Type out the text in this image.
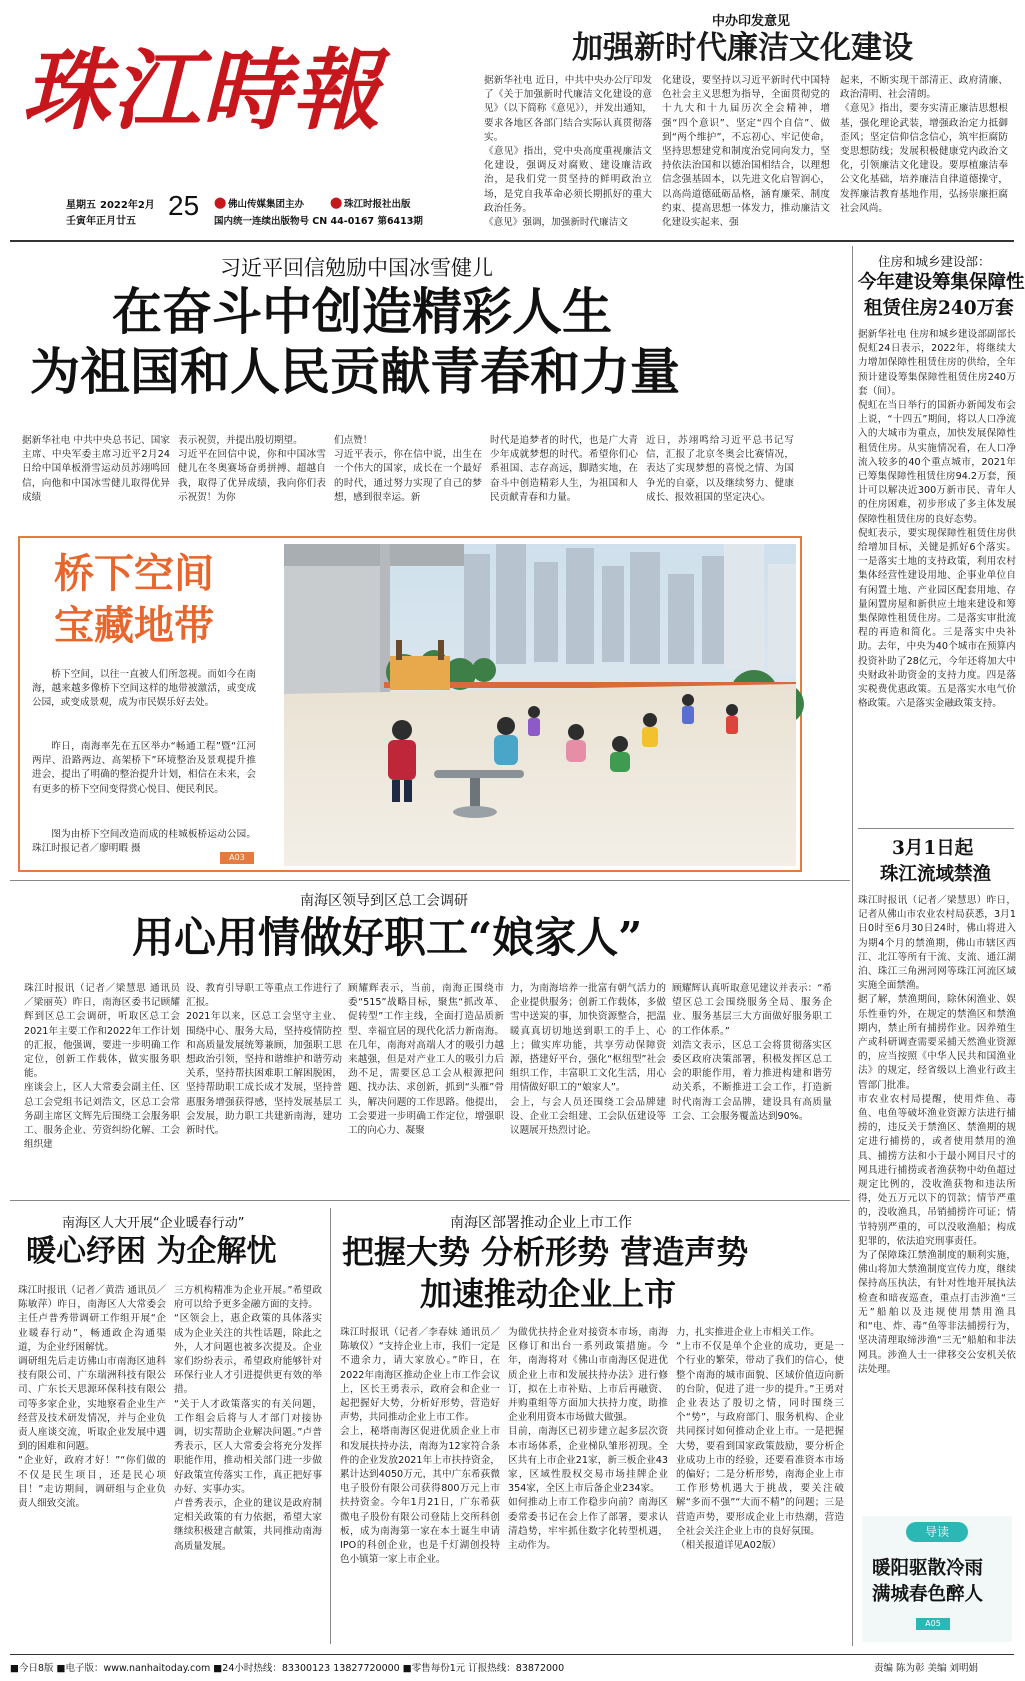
珠江時報
星期五 2022年2月
壬寅年正月廿五
25 ⬤ 佛山传媒集团主办 ⬤ 珠江时报社出版
国内统一连续出版物号 CN 44-0167 第6413期
中办印发意见
加强新时代廉洁文化建设
据新华社电 近日，中共中央办公厅印发了《关于加强新时代廉洁文化建设的意见》（以下简称《意见》），并发出通知，要求各地区各部门结合实际认真贯彻落实。
《意见》指出，党中央高度重视廉洁文化建设，强调反对腐败、建设廉洁政治，是我们党一贯坚持的鲜明政治立场，是党自我革命必须长期抓好的重大政治任务。
《意见》强调，加强新时代廉洁文
化建设，要坚持以习近平新时代中国特色社会主义思想为指导，全面贯彻党的十九大和十九届历次全会精神，增强“四个意识”、坚定“四个自信”、做到“两个维护”，不忘初心、牢记使命，坚持思想建党和制度治党同向发力，坚持依法治国和以德治国相结合，以理想信念强基固本，以先进文化启智润心，以高尚道德砥砺品格，涵育廉荣、制度约束、提高思想一体发力，推动廉洁文化建设实起来、强
起来，不断实现干部清正、政府清廉、政治清明、社会清朗。
《意见》指出，要夯实清正廉洁思想根基，强化理论武装，增强政治定力抵御歪风；坚定信仰信念信心，筑牢拒腐防变思想防线；发展积极健康党内政治文化，引领廉洁文化建设。要厚植廉洁奉公文化基础，培养廉洁自律道德操守，发挥廉洁教育基地作用，弘扬崇廉拒腐社会风尚。
习近平回信勉励中国冰雪健儿
在奋斗中创造精彩人生
为祖国和人民贡献青春和力量
据新华社电 中共中央总书记、国家主席、中央军委主席习近平2月24日给中国单板滑雪运动员苏翊鸣回信，向他和中国冰雪健儿取得优异成绩
表示祝贺，并提出殷切期望。
习近平在回信中说，你和中国冰雪健儿在冬奥赛场奋勇拼搏、超越自我，取得了优异成绩，我向你们表示祝贺！为你
们点赞！
习近平表示，你在信中说，出生在一个伟大的国家，成长在一个最好的时代，通过努力实现了自己的梦想，感到很幸运。新
时代是追梦者的时代，也是广大青少年成就梦想的时代。希望你们心系祖国、志存高远，脚踏实地，在奋斗中创造精彩人生，为祖国和人民贡献青春和力量。
近日，苏翊鸣给习近平总书记写信，汇报了北京冬奥会比赛情况，表达了实现梦想的喜悦之情、为国争光的自豪，以及继续努力、健康成长、报效祖国的坚定决心。
桥下空间
宝藏地带
桥下空间，以往一直被人们所忽视。而如今在南海，越来越多像桥下空间这样的地带被激活，或变成公园，或变成景观，成为市民娱乐好去处。
昨日，南海率先在五区举办“畅通工程”暨“江河两岸、沿路两边、高架桥下”环境整治及景观提升推进会，提出了明确的整治提升计划，相信在未来，会有更多的桥下空间变得赏心悦目、便民利民。
图为由桥下空间改造而成的桂城板桥运动公园。 珠江时报记者／廖明暇 摄
A03
南海区领导到区总工会调研
用心用情做好职工“娘家人”
珠江时报讯（记者／梁慧思 通讯员／梁丽英）昨日，南海区委书记顾耀辉到区总工会调研，听取区总工会2021年主要工作和2022年工作计划的汇报，他强调，要进一步明确工作定位，创新工作载体，做实服务职能。
座谈会上，区人大常委会副主任、区总工会党组书记刘浩文，区总工会常务副主席区文辉先后围绕工会服务职工、服务企业、劳资纠纷化解、工会组织建
设、教育引导职工等重点工作进行了汇报。
2021年以来，区总工会坚守主业、围绕中心、服务大局，坚持疫情防控和高质量发展统筹兼顾，加强职工思想政治引领，坚持和谐维护和谐劳动关系，坚持帮扶困难职工解困脱困，坚持帮助职工成长成才发展，坚持普惠服务增强获得感，坚持发展基层工会发展，助力职工共建新南海，建功新时代。
顾耀辉表示，当前，南海正围绕市委“515”战略目标，聚焦“抓改革、促转型”工作主线，全面打造品质新型、幸福宜居的现代化活力新南海。在几年，南海对高端人才的吸引力越来越强，但是对产业工人的吸引力后劲不足，需要区总工会从根源把问题、找办法、求创新，抓到“头雁”骨头，解决问题的工作思路。他提出，工会要进一步明确工作定位，增强职工的向心力、凝聚
力，为南海培养一批富有朝气活力的企业提供服务；创新工作载体，多做雪中送炭的事，加快资源整合，把温暖真真切切地送到职工的手上、心上；做实库功能，共享劳动保障资源，搭建好平台，强化“枢纽型”社会组织工作，丰富职工文化生活，用心用情做好职工的“娘家人”。
会上，与会人员还围绕工会品牌建设、企业工会组建、工会队伍建设等议题展开热烈讨论。
顾耀辉认真听取意见建议并表示：“希望区总工会围绕服务全局、服务企业、服务基层三大方面做好服务职工的工作体系。”
刘浩文表示，区总工会将贯彻落实区委区政府决策部署，积极发挥区总工会的职能作用，着力推进构建和谐劳动关系，不断推进工会工作，打造新时代南海工会品牌，建设具有高质量工会、工会服务覆盖达到90%。
南海区人大开展“企业暖春行动”
暖心纾困 为企解忧
珠江时报讯（记者／黄浩 通讯员／陈敏萍）昨日，南海区人大常委会主任卢普秀带调研工作组开展“企业暖春行动”，畅通政企沟通渠道，为企业纾困解忧。
调研组先后走访佛山市南海区迪科技有限公司、广东瑞洲科技有限公司、广东长天思源环保科技有限公司等多家企业，实地察看企业生产经营及技术研发情况，并与企业负责人座谈交流，听取企业发展中遇到的困难和问题。
“企业好，政府才好！”“你们做的不仅是民生项目，还是民心项目！”走访期间，调研组与企业负责人细致交流。
三方机构精准为企业开展。”希望政府可以给予更多金融方面的支持。
“区领会上，惠企政策的具体落实成为企业关注的共性话题，除此之外，人才问题也被多次提及。企业家们纷纷表示，希望政府能够针对环保行业人才引进提供更有效的举措。
“关于人才政策落实的有关问题，工作组会后将与人才部门对接协调，切实帮助企业解决问题。”卢普秀表示，区人大常委会将充分发挥职能作用，推动相关部门进一步做好政策宣传落实工作，真正把好事办好、实事办实。
卢普秀表示，企业的建议是政府制定相关政策的有力依据，希望大家继续积极建言献策，共同推动南海高质量发展。
南海区部署推动企业上市工作
把握大势 分析形势 营造声势
加速推动企业上市
珠江时报讯（记者／李春妹 通讯员／陈敏仪）“支持企业上市，我们一定是不遗余力，请大家放心。”昨日，在2022年南海区推动企业上市工作会议上，区长王勇表示，政府会和企业一起把握好大势，分析好形势，营造好声势，共同推动企业上市工作。
会上，秘塔南海区促进优质企业上市和发展扶持办法，南海为12家符合条件的企业发放2021年上市扶持资金，累计达到4050万元，其中广东希荻微电子股份有限公司获得800万元上市扶持资金。今年1月21日，广东希荻微电子股份有限公司登陆上交所科创板，成为南海第一家在本土诞生申请IPO的科创企业，也是千灯湖创投特色小镇第一家上市企业。
为做优扶持企业对接资本市场，南海区修订和出台一系列政策措施。今年，南海将对《佛山市南海区促进优质企业上市和发展扶持办法》进行修订，拟在上市补贴、上市后再融资、并购重组等方面加大扶持力度，助推企业利用资本市场做大做强。
目前，南海区已初步建立起多层次资本市场体系，企业梯队雏形初现。全区共有上市企业21家，新三板企业43家，区域性股权交易市场挂牌企业354家，全区上市后备企业234家。
如何推动上市工作稳步向前？南海区委常委书记在会上作了部署，要求认清趋势，牢牢抓住数字化转型机遇，主动作为。
力，扎实推进企业上市相关工作。
“上市不仅是单个企业的成功，更是一个行业的繁荣，带动了我们的信心，使整个南海的城市面貌、区域价值迈向新的台阶，促进了进一步的提升。”王勇对企业表达了殷切之情，同时围绕三个“势”，与政府部门、服务机构、企业共同探讨如何推动企业上市。一是把握大势，要看到国家政策鼓励，要分析企业成功上市的经验，还要看准资本市场的偏好；二是分析形势，南海企业上市工作形势机遇大于挑战，要关注破解“多而不强”“大而不精”的问题；三是营造声势，要形成企业上市热潮，营造全社会关注企业上市的良好氛围。
（相关报道详见A02版）
住房和城乡建设部：
今年建设筹集保障性
租赁住房240万套
据新华社电 住房和城乡建设部副部长倪虹24日表示，2022年，将继续大力增加保障性租赁住房的供给，全年预计建设筹集保障性租赁住房240万套（间）。
倪虹在当日举行的国新办新闻发布会上说，“十四五”期间，将以人口净流入的大城市为重点，加快发展保障性租赁住房。从实施情况看，在人口净流入较多的40个重点城市，2021年已筹集保障性租赁住房94.2万套，预计可以解决近300万新市民、青年人的住房困难，初步形成了多主体发展保障性租赁住房的良好态势。
倪虹表示，要实现保障性租赁住房供给增加目标，关键是抓好6个落实。一是落实土地的支持政策，利用农村集体经营性建设用地、企事业单位自有闲置土地、产业园区配套用地、存量闲置房屋和新供应土地来建设和筹集保障性租赁住房。二是落实审批流程的再造和简化。三是落实中央补助。去年，中央为40个城市在预算内投资补助了28亿元，今年还将加大中央财政补助资金的支持力度。四是落实税费优惠政策。五是落实水电气价格政策。六是落实金融政策支持。
3月1日起
珠江流域禁渔
珠江时报讯（记者／梁慧思）昨日，记者从佛山市农业农村局获悉，3月1日0时至6月30日24时，佛山将进入为期4个月的禁渔期，佛山市辖区西江、北江等所有干流、支流、通江湖泊、珠江三角洲河网等珠江河流区域实施全面禁渔。
据了解，禁渔期间，除休闲渔业、娱乐性垂钓外，在规定的禁渔区和禁渔期内，禁止所有捕捞作业。因养殖生产或科研调查需要采捕天然渔业资源的，应当按照《中华人民共和国渔业法》的规定，经省级以上渔业行政主管部门批准。
市农业农村局提醒，使用炸鱼、毒鱼、电鱼等破坏渔业资源方法进行捕捞的，违反关于禁渔区、禁渔期的规定进行捕捞的，或者使用禁用的渔具、捕捞方法和小于最小网目尺寸的网具进行捕捞或者渔获物中幼鱼超过规定比例的，没收渔获物和违法所得，处五万元以下的罚款；情节严重的，没收渔具，吊销捕捞许可证；情节特别严重的，可以没收渔船；构成犯罪的，依法追究刑事责任。
为了保障珠江禁渔制度的顺利实施，佛山将加大禁渔制度宣传力度，继续保持高压执法，有针对性地开展执法检查和暗夜巡查，重点打击涉渔“三无”船舶以及违规使用禁用渔具和“电、炸、毒”鱼等非法捕捞行为，坚决清理取缔涉渔“三无”船舶和非法网具。涉渔人士一律移交公安机关依法处理。
导读
暖阳驱散冷雨
满城春色醉人
A05
■今日8版 ■电子版：www.nanhaitoday.com ■24小时热线：83300123 13827720000 ■零售每份1元 订报热线：83872000	责编 陈为彰 美编 刘明娟
